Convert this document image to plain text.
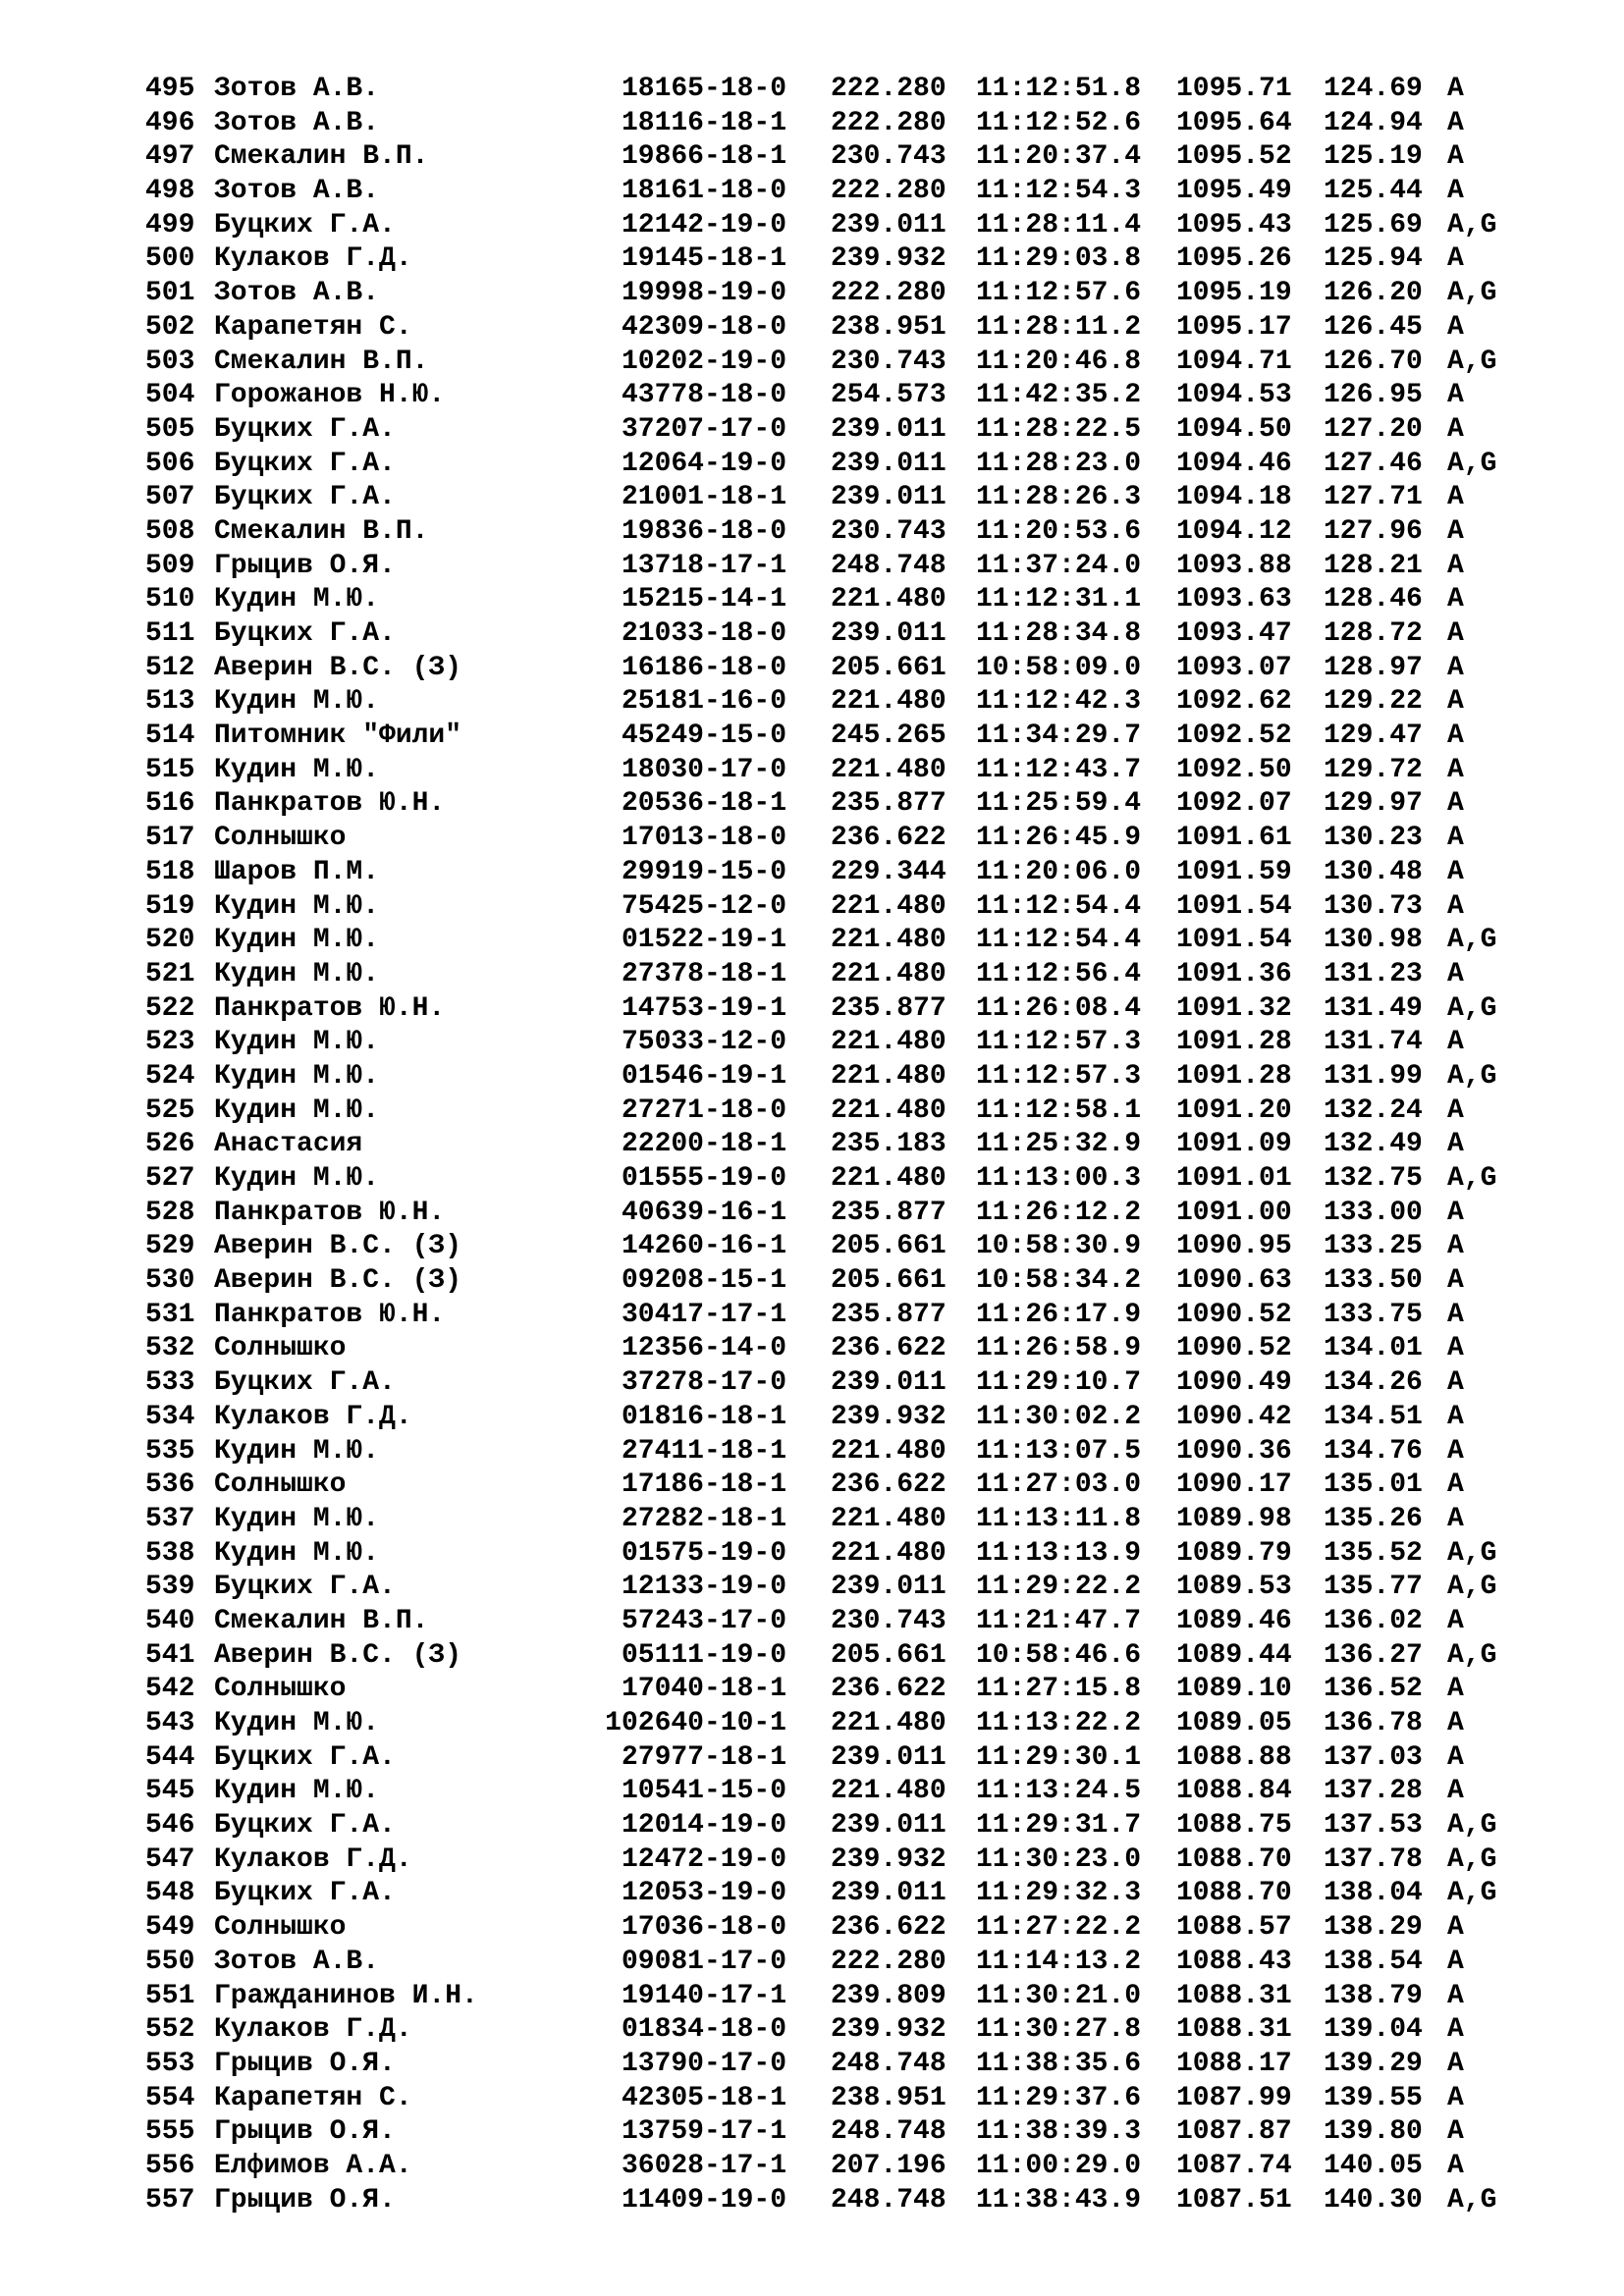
495 Зотов А.В.	18165-18-0 222.280 11:12:51.8 1095.71 124.69 A
496 Зотов А.В.	18116-18-1 222.280 11:12:52.6 1095.64 124.94 A
497 Смекалин В.П.	19866-18-1 230.743 11:20:37.4 1095.52 125.19 A
498 Зотов А.В.	18161-18-0 222.280 11:12:54.3 1095.49 125.44 A
499 Буцких Г.А.	12142-19-0 239.011 11:28:11.4 1095.43 125.69 A,G
500 Кулаков Г.Д.	19145-18-1 239.932 11:29:03.8 1095.26 125.94 A
501 Зотов А.В.	19998-19-0 222.280 11:12:57.6 1095.19 126.20 A,G
502 Карапетян С.	42309-18-0 238.951 11:28:11.2 1095.17 126.45 A
503 Смекалин В.П.	10202-19-0 230.743 11:20:46.8 1094.71 126.70 A,G
504 Горожанов Н.Ю.	43778-18-0 254.573 11:42:35.2 1094.53 126.95 A
505 Буцких Г.А.	37207-17-0 239.011 11:28:22.5 1094.50 127.20 A
506 Буцких Г.А.	12064-19-0 239.011 11:28:23.0 1094.46 127.46 A,G
507 Буцких Г.А.	21001-18-1 239.011 11:28:26.3 1094.18 127.71 A
508 Смекалин В.П.	19836-18-0 230.743 11:20:53.6 1094.12 127.96 A
509 Грыцив О.Я.	13718-17-1 248.748 11:37:24.0 1093.88 128.21 A
510 Кудин М.Ю.	15215-14-1 221.480 11:12:31.1 1093.63 128.46 A
511 Буцких Г.А.	21033-18-0 239.011 11:28:34.8 1093.47 128.72 A
512 Аверин В.С. (З)	16186-18-0 205.661 10:58:09.0 1093.07 128.97 A
513 Кудин М.Ю.	25181-16-0 221.480 11:12:42.3 1092.62 129.22 A
514 Питомник "Фили"	45249-15-0 245.265 11:34:29.7 1092.52 129.47 A
515 Кудин М.Ю.	18030-17-0 221.480 11:12:43.7 1092.50 129.72 A
516 Панкратов Ю.Н.	20536-18-1 235.877 11:25:59.4 1092.07 129.97 A
517 Солнышко	17013-18-0 236.622 11:26:45.9 1091.61 130.23 A
518 Шаров П.М.	29919-15-0 229.344 11:20:06.0 1091.59 130.48 A
519 Кудин М.Ю.	75425-12-0 221.480 11:12:54.4 1091.54 130.73 A
520 Кудин М.Ю.	01522-19-1 221.480 11:12:54.4 1091.54 130.98 A,G
521 Кудин М.Ю.	27378-18-1 221.480 11:12:56.4 1091.36 131.23 A
522 Панкратов Ю.Н.	14753-19-1 235.877 11:26:08.4 1091.32 131.49 A,G
523 Кудин М.Ю.	75033-12-0 221.480 11:12:57.3 1091.28 131.74 A
524 Кудин М.Ю.	01546-19-1 221.480 11:12:57.3 1091.28 131.99 A,G
525 Кудин М.Ю.	27271-18-0 221.480 11:12:58.1 1091.20 132.24 A
526 Анастасия	22200-18-1 235.183 11:25:32.9 1091.09 132.49 A
527 Кудин М.Ю.	01555-19-0 221.480 11:13:00.3 1091.01 132.75 A,G
528 Панкратов Ю.Н.	40639-16-1 235.877 11:26:12.2 1091.00 133.00 A
529 Аверин В.С. (З)	14260-16-1 205.661 10:58:30.9 1090.95 133.25 A
530 Аверин В.С. (З)	09208-15-1 205.661 10:58:34.2 1090.63 133.50 A
531 Панкратов Ю.Н.	30417-17-1 235.877 11:26:17.9 1090.52 133.75 A
532 Солнышко	12356-14-0 236.622 11:26:58.9 1090.52 134.01 A
533 Буцких Г.А.	37278-17-0 239.011 11:29:10.7 1090.49 134.26 A
534 Кулаков Г.Д.	01816-18-1 239.932 11:30:02.2 1090.42 134.51 A
535 Кудин М.Ю.	27411-18-1 221.480 11:13:07.5 1090.36 134.76 A
536 Солнышко	17186-18-1 236.622 11:27:03.0 1090.17 135.01 A
537 Кудин М.Ю.	27282-18-1 221.480 11:13:11.8 1089.98 135.26 A
538 Кудин М.Ю.	01575-19-0 221.480 11:13:13.9 1089.79 135.52 A,G
539 Буцких Г.А.	12133-19-0 239.011 11:29:22.2 1089.53 135.77 A,G
540 Смекалин В.П.	57243-17-0 230.743 11:21:47.7 1089.46 136.02 A
541 Аверин В.С. (З)	05111-19-0 205.661 10:58:46.6 1089.44 136.27 A,G
542 Солнышко	17040-18-1 236.622 11:27:15.8 1089.10 136.52 A
543 Кудин М.Ю.	102640-10-1 221.480 11:13:22.2 1089.05 136.78 A
544 Буцких Г.А.	27977-18-1 239.011 11:29:30.1 1088.88 137.03 A
545 Кудин М.Ю.	10541-15-0 221.480 11:13:24.5 1088.84 137.28 A
546 Буцких Г.А.	12014-19-0 239.011 11:29:31.7 1088.75 137.53 A,G
547 Кулаков Г.Д.	12472-19-0 239.932 11:30:23.0 1088.70 137.78 A,G
548 Буцких Г.А.	12053-19-0 239.011 11:29:32.3 1088.70 138.04 A,G
549 Солнышко	17036-18-0 236.622 11:27:22.2 1088.57 138.29 A
550 Зотов А.В.	09081-17-0 222.280 11:14:13.2 1088.43 138.54 A
551 Гражданинов И.Н.	19140-17-1 239.809 11:30:21.0 1088.31 138.79 A
552 Кулаков Г.Д.	01834-18-0 239.932 11:30:27.8 1088.31 139.04 A
553 Грыцив О.Я.	13790-17-0 248.748 11:38:35.6 1088.17 139.29 A
554 Карапетян С.	42305-18-1 238.951 11:29:37.6 1087.99 139.55 A
555 Грыцив О.Я.	13759-17-1 248.748 11:38:39.3 1087.87 139.80 A
556 Елфимов А.А.	36028-17-1 207.196 11:00:29.0 1087.74 140.05 A
557 Грыцив О.Я.	11409-19-0 248.748 11:38:43.9 1087.51 140.30 A,G
